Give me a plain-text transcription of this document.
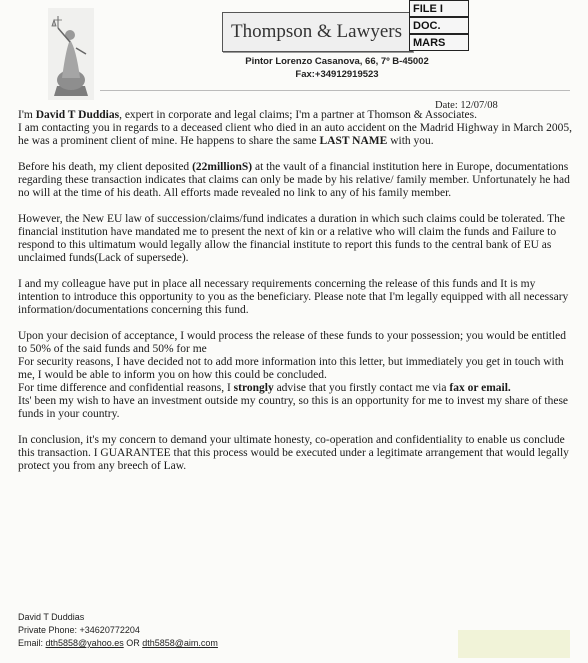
Thompson & Lawyers
FILE I
DOC.
MARS
Pintor Lorenzo Casanova, 66, 7º B-45002
Fax:+34912919523
Date: 12/07/08

I'm David T Duddias, expert in corporate and legal claims; I'm a partner at Thomson & Associates.

I am contacting you in regards to a deceased client who died in an auto accident on the Madrid Highway in March 2005, he was a prominent client of mine. He happens to share the same LAST NAME with you.

Before his death, my client deposited (22millionS) at the vault of a financial institution here in Europe, documentations regarding these transaction indicates that claims can only be made by his relative/ family member. Unfortunately he had no will at the time of his death. All efforts made revealed no link to any of his family member.

However, the New EU law of succession/claims/fund indicates a duration in which such claims could be tolerated. The financial institution have mandated me to present the next of kin or a relative who will claim the funds and Failure to respond to this ultimatum would legally allow the financial institute to report this funds to the central bank of EU as unclaimed funds(Lack of supersede).

I and my colleague have put in place all necessary requirements concerning the release of this funds and It is my intention to introduce this opportunity to you as the beneficiary. Please note that I'm legally equipped with all necessary information/documentations concerning this fund.

Upon your decision of acceptance, I would process the release of these funds to your possession; you would be entitled to 50% of the said funds and 50% for me

For security reasons, I have decided not to add more information into this letter, but immediately you get in touch with me, I would be able to inform you on how this could be concluded.

For time difference and confidential reasons, I strongly advise that you firstly contact me via fax or email.

Its' been my wish to have an investment outside my country, so this is an opportunity for me to invest my share of these funds in your country.

In conclusion, it's my concern to demand your ultimate honesty, co-operation and confidentiality to enable us conclude this transaction. I GUARANTEE that this process would be executed under a legitimate arrangement that would legally protect you from any breech of Law.

David T Duddias
Private Phone: +34620772204
Email: dth5858@yahoo.es OR dth5858@aim.com
